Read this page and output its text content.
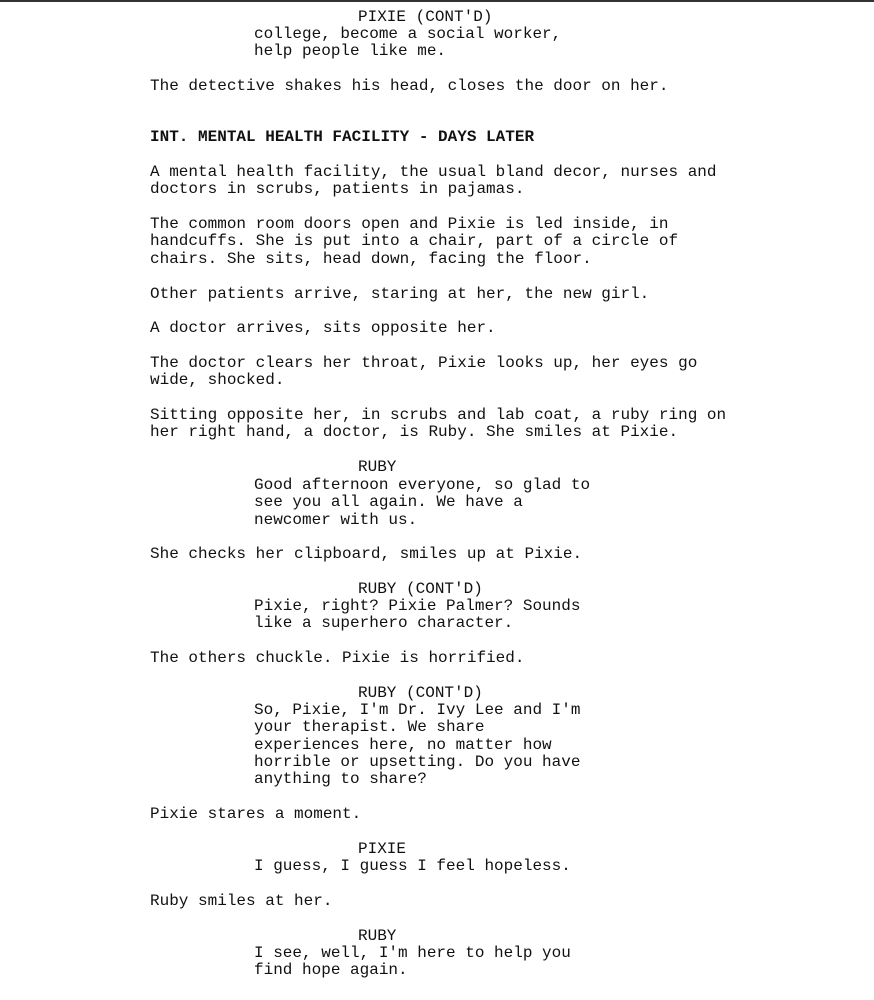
PIXIE (CONT'D)
college, become a social worker,
help people like me.
The detective shakes his head, closes the door on her.
INT. MENTAL HEALTH FACILITY - DAYS LATER
A mental health facility, the usual bland decor, nurses and
doctors in scrubs, patients in pajamas.
The common room doors open and Pixie is led inside, in
handcuffs. She is put into a chair, part of a circle of
chairs. She sits, head down, facing the floor.
Other patients arrive, staring at her, the new girl.
A doctor arrives, sits opposite her.
The doctor clears her throat, Pixie looks up, her eyes go
wide, shocked.
Sitting opposite her, in scrubs and lab coat, a ruby ring on
her right hand, a doctor, is Ruby. She smiles at Pixie.
RUBY
Good afternoon everyone, so glad to
see you all again. We have a
newcomer with us.
She checks her clipboard, smiles up at Pixie.
RUBY (CONT'D)
Pixie, right? Pixie Palmer? Sounds
like a superhero character.
The others chuckle. Pixie is horrified.
RUBY (CONT'D)
So, Pixie, I'm Dr. Ivy Lee and I'm
your therapist. We share
experiences here, no matter how
horrible or upsetting. Do you have
anything to share?
Pixie stares a moment.
PIXIE
I guess, I guess I feel hopeless.
Ruby smiles at her.
RUBY
I see, well, I'm here to help you
find hope again.
